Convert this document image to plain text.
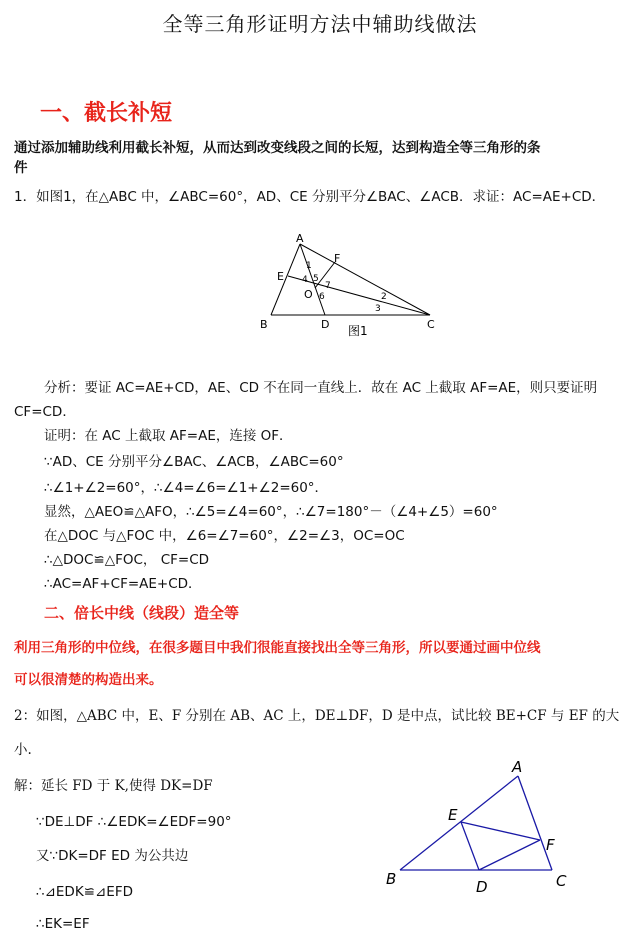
全等三角形证明方法中辅助线做法
一、截长补短
通过添加辅助线利用截长补短，从而达到改变线段之间的长短，达到构造全等三角形的条
件
1．如图1，在△ABC 中，∠ABC=60°，AD、CE 分别平分∠BAC、∠ACB．求证：AC=AE+CD．
A
B	C
D
E
F
O
1
2
3
4 5
6
7
图1
分析：要证 AC=AE+CD，AE、CD 不在同一直线上．故在 AC 上截取 AF=AE，则只要证明
CF=CD．
证明：在 AC 上截取 AF=AE，连接 OF．
∵AD、CE 分别平分∠BAC、∠ACB，∠ABC=60°
∴∠1+∠2=60°，∴∠4=∠6=∠1+∠2=60°．
显然，△AEO≌△AFO，∴∠5=∠4=60°，∴∠7=180°－（∠4+∠5）=60°
在△DOC 与△FOC 中，∠6=∠7=60°，∠2=∠3，OC=OC
∴△DOC≌△FOC， CF=CD
∴AC=AF+CF=AE+CD．
二、倍长中线（线段）造全等
利用三角形的中位线，在很多题目中我们很能直接找出全等三角形，所以要通过画中位线
可以很清楚的构造出来。
2：如图，△ABC 中，E、F 分别在 AB、AC 上，DE⊥DF，D 是中点，试比较 BE+CF 与 EF 的大
小.
解：延长 FD 于 K,使得 DK=DF
∵DE⊥DF ∴∠EDK=∠EDF=90°
又∵DK=DF ED 为公共边
∴⊿EDK≌⊿EFD
∴EK=EF
A
B	C
D
E
F
